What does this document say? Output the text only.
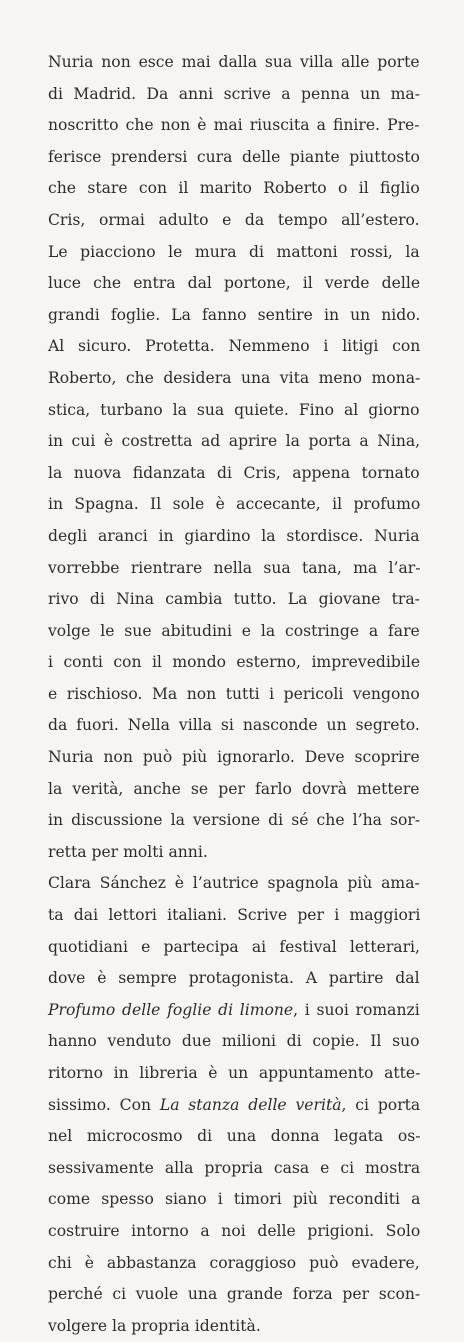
Nuria non esce mai dalla sua villa alle porte
di Madrid. Da anni scrive a penna un ma-
noscritto che non è mai riuscita a finire. Pre-
ferisce prendersi cura delle piante piuttosto
che stare con il marito Roberto o il figlio
Cris, ormai adulto e da tempo all’estero.
Le piacciono le mura di mattoni rossi, la
luce che entra dal portone, il verde delle
grandi foglie. La fanno sentire in un nido.
Al sicuro. Protetta. Nemmeno i litigi con
Roberto, che desidera una vita meno mona-
stica, turbano la sua quiete. Fino al giorno
in cui è costretta ad aprire la porta a Nina,
la nuova fidanzata di Cris, appena tornato
in Spagna. Il sole è accecante, il profumo
degli aranci in giardino la stordisce. Nuria
vorrebbe rientrare nella sua tana, ma l’ar-
rivo di Nina cambia tutto. La giovane tra-
volge le sue abitudini e la costringe a fare
i conti con il mondo esterno, imprevedibile
e rischioso. Ma non tutti i pericoli vengono
da fuori. Nella villa si nasconde un segreto.
Nuria non può più ignorarlo. Deve scoprire
la verità, anche se per farlo dovrà mettere
in discussione la versione di sé che l’ha sor-
retta per molti anni.
Clara Sánchez è l’autrice spagnola più ama-
ta dai lettori italiani. Scrive per i maggiori
quotidiani e partecipa ai festival letterari,
dove è sempre protagonista. A partire dal
Profumo delle foglie di limone, i suoi romanzi
hanno venduto due milioni di copie. Il suo
ritorno in libreria è un appuntamento atte-
sissimo. Con La stanza delle verità, ci porta
nel microcosmo di una donna legata os-
sessivamente alla propria casa e ci mostra
come spesso siano i timori più reconditi a
costruire intorno a noi delle prigioni. Solo
chi è abbastanza coraggioso può evadere,
perché ci vuole una grande forza per scon-
volgere la propria identità.
